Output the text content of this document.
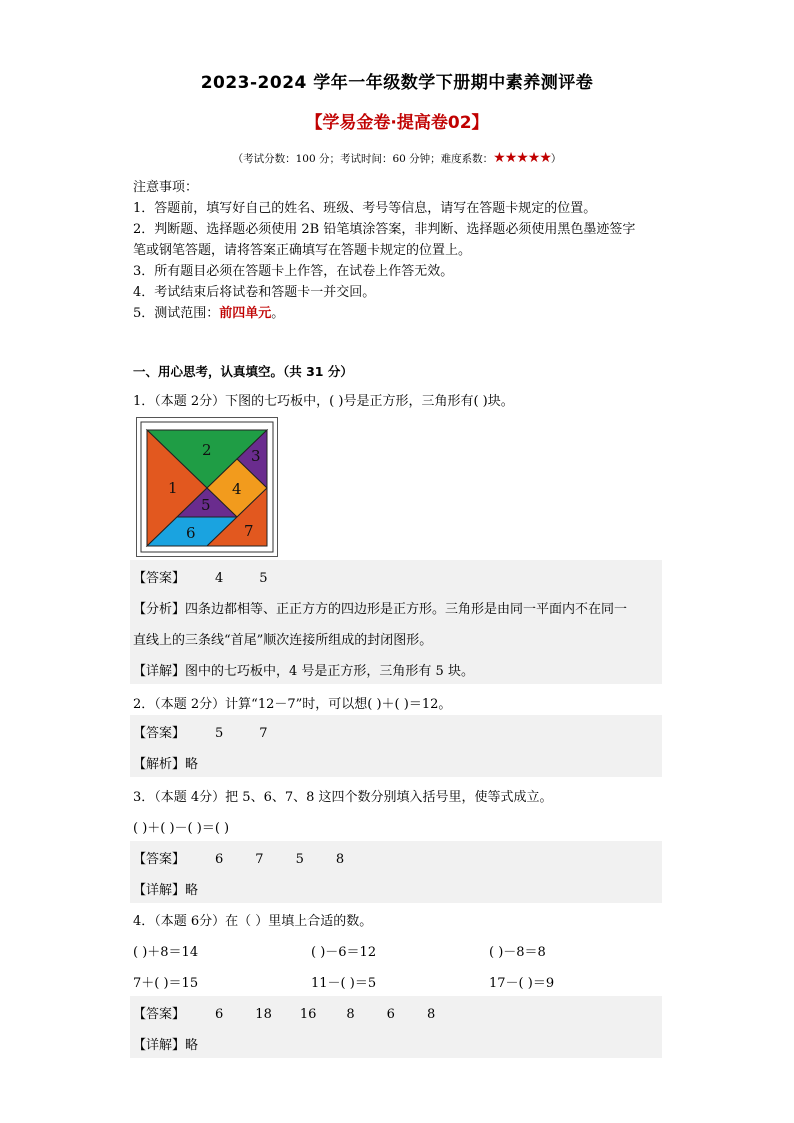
2023-2024 学年一年级数学下册期中素养测评卷
【学易金卷·提高卷02】
（考试分数：100 分；考试时间：60 分钟；难度系数：★★★★★）
注意事项：
1．答题前，填写好自己的姓名、班级、考号等信息，请写在答题卡规定的位置。
2．判断题、选择题必须使用 2B 铅笔填涂答案，非判断、选择题必须使用黑色墨迹签字
笔或钢笔答题，请将答案正确填写在答题卡规定的位置上。
3．所有题目必须在答题卡上作答，在试卷上作答无效。
4．考试结束后将试卷和答题卡一并交回。
5．测试范围：前四单元。
一、用心思考，认真填空。（共 31 分）
1．（本题 2分）下图的七巧板中，( )号是正方形，三角形有( )块。
1
2	3
4
5
6	7
【答案】 4	5
【分析】四条边都相等、正正方方的四边形是正方形。三角形是由同一平面内不在同一
直线上的三条线“首尾”顺次连接所组成的封闭图形。
【详解】图中的七巧板中，4 号是正方形，三角形有 5 块。
2．（本题 2分）计算“12－7”时，可以想( )＋( )＝12。
【答案】 5	7
【解析】略
3．（本题 4分）把 5、6、7、8 这四个数分别填入括号里，使等式成立。
( )＋( )－( )＝( )
【答案】 6 7 5 8
【详解】略
4．（本题 6分）在（ ）里填上合适的数。
( )＋8＝14	( )－6＝12	( )－8＝8
7＋( )＝15	11－( )＝5	17－( )＝9
【答案】 6 18 16 8 6 8
【详解】略
